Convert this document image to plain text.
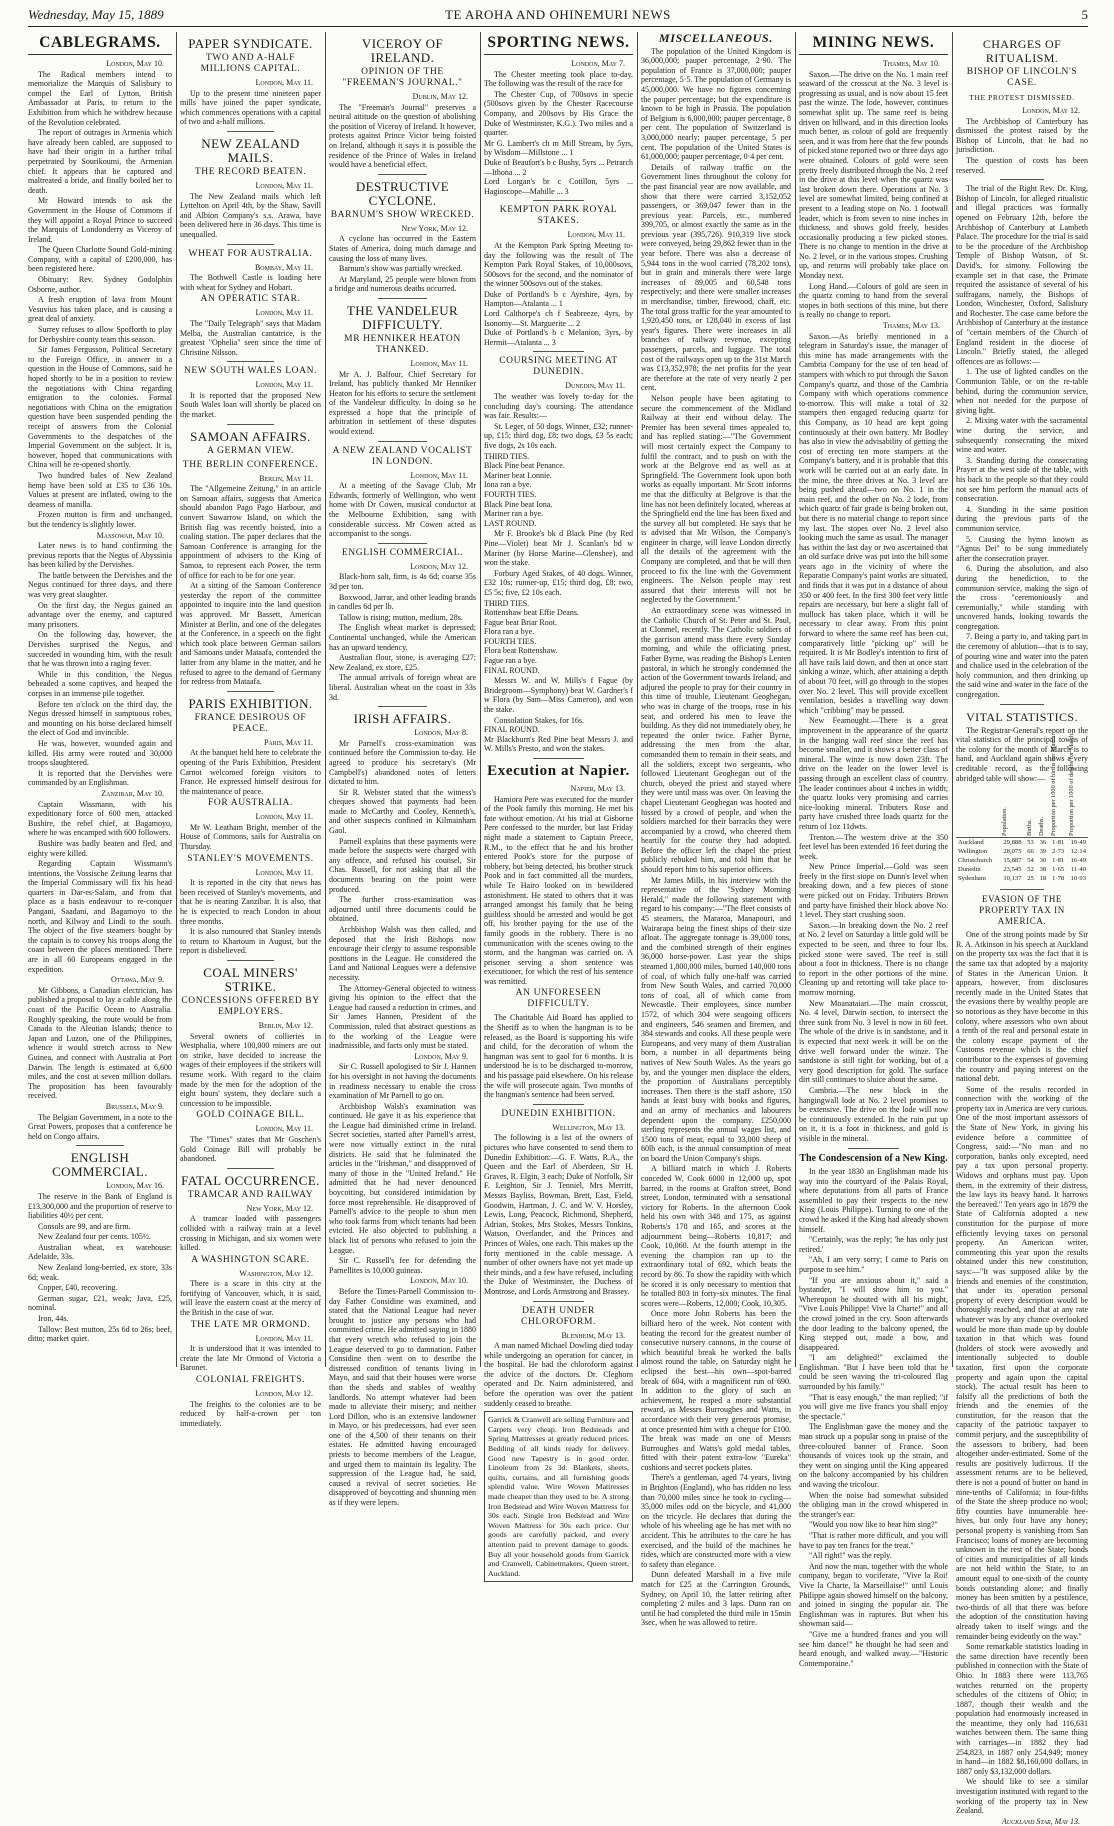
Wednesday, May 15, 1889	TE AROHA AND OHINEMURI NEWS	5
CABLEGRAMS.
London, May 10.

The Radical members intend to memorialize the Marquis of Salisbury to compel the Earl of Lytton, British Ambassador at Paris, to return to the Exhibition from which he withdrew because of the Revolution celebrated.

The report of outrages in Armenia which have already been cabled, are supposed to have had their origin in a further tribal perpetrated by Sourikoumi, the Armenian chief. It appears that he captured and maltreated a bride, and finally boiled her to death.

Mr Howard intends to ask the Government in the House of Commons if they will appoint a Royal Prince to succeed the Marquis of Londonderry as Viceroy of Ireland.

The Queen Charlotte Sound Gold-mining Company, with a capital of £200,000, has been registered here.

Obituary: Rev. Sydney Godolphin Osborne, author.

A fresh eruption of lava from Mount Vesuvius has taken place, and is causing a great deal of anxiety.

Surrey refuses to allow Spofforth to play for Derbyshire county team this season.

Sir James Fergusson, Political Secretary to the Foreign Office, in answer to a question in the House of Commons, said he hoped shortly to be in a position to review the negotiations with China regarding emigration to the colonies. Formal negotiations with China on the emigration question have been suspended pending the receipt of answers from the Colonial Governments to the despatches of the Imperial Government on the subject. It is, however, hoped that communications with China will be re-opened shortly.

Two hundred bales of New Zealand hemp have been sold at £35 to £36 10s. Values at present are inflated, owing to the dearness of manilla.

Frozen mutton is firm and unchanged, but the tendency is slightly lower.

Massowah, May 10.

Later news is to hand confirming the previous reports that the Negus of Abyssinia has been killed by the Dervishes.

The battle between the Dervishes and the Negus continued for three days, and there was very great slaughter.

On the first day, the Negus gained an advantage over the enemy, and captured many prisoners.

On the following day, however, the Dervishes surprised the Negus, and succeeded in wounding him, with the result that he was thrown into a raging fever.

While in this condition, the Negus beheaded a some captives, and heaped the corpses in an immense pile together.

Before ten o'clock on the third day, the Negus dressed himself in sumptuous robes, and mounting on his horse declared himself the elect of God and invincible.

He was, however, wounded again and killed. His army were routed and 30,000 troops slaughtered.

It is reported that the Dervishes were commanded by an Englishman.

Zanzibar, May 10.

Captain Wissmann, with his expeditionary force of 600 men, attacked Bushire, the rebel chief, at Bagamoyo, where he was encamped with 600 followers.

Bushire was badly beaten and fled, and eighty were killed.

Regarding Captain Wissmann's intentions, the Vossische Zeitung learns that the Imperial Commissary will fix his head quarters in Dar-es-Salam, and from that place as a basis endeavour to re-conquer Pangani, Saadani, and Bagamoyo to the north, and Kilway and Lindi to the south. The object of the five steamers bought by the captain is to convey his troops along the coast between the places mentioned. There are in all 60 Europeans engaged in the expedition.

Ottawa, May 9.

Mr Gibbons, a Canadian electrician, has published a proposal to lay a cable along the coast of the Pacific Ocean to Australia. Roughly speaking, the route would be from Canada to the Aleutian Islands; thence to Japan and Luzon, one of the Philippines, whence it would stretch across to New Guinea, and connect with Australia at Port Darwin. The length is estimated at 6,600 miles, and the cost at seven million dollars. The proposition has been favourably received.

Brussels, May 9.

The Belgian Government, in a note to the Great Powers, proposes that a conference be held on Congo affairs.

ENGLISH COMMERCIAL.
London, May 16.

The reserve in the Bank of England is £13,300,000 and the proportion of reserve to liabilities 40½ per cent.

Consols are 99, and are firm.

New Zealand four per cents. 105½.

Australian wheat, ex warehouse: Adelaide, 33s.

New Zealand long-berried, ex store, 33s 6d; weak.

Copper, £40, recovering.

German sugar, £21, weak; Java, £25, nominal.

Iron, 44s.

Tallow: Best mutton, 25s 6d to 26s; beef, ditto; market quiet.

PAPER SYNDICATE.
TWO AND A-HALF MILLIONS CAPITAL.
London, May 11.

Up to the present time nineteen paper mills have joined the paper syndicate, which commences operations with a capital of two and a-half millions.

NEW ZEALAND MAILS.
THE RECORD BEATEN.
London, May 11.

The New Zealand mails which left Lyttelton on April 4th, by the Shaw, Savill and Albion Company's s.s. Arawa, have been delivered here in 36 days. This time is unequalled.

WHEAT FOR AUSTRALIA.
Bombay, May 11.

The Bothwell Castle is loading here with wheat for Sydney and Hobart.

AN OPERATIC STAR.
London, May 11.

The "Daily Telegraph" says that Madam Melba, the Australian cantatrice, is the greatest "Ophelia" seen since the time of Christine Nilsson.

NEW SOUTH WALES LOAN.
London, May 11.

It is reported that the proposed New South Wales loan will shortly be placed on the market.

SAMOAN AFFAIRS.
A GERMAN VIEW.
THE BERLIN CONFERENCE.
Berlin, May 11.

The "Allgemeine Zeitung," in an article on Samoan affairs, suggests that America should abandon Pago Pago Harbour, and convert Suwarrow Island, on which the British flag was recently hoisted, into a coaling station. The paper declares that the Samoan Conference is arranging for the appointment of advisers to the King of Samoa, to represent each Power, the term of office for each to be for one year.

At a sitting of the Samoan Conference yesterday the report of the committee appointed to inquire into the land question was approved. Mr Bassett, American Minister at Berlin, and one of the delegates at the Conference, in a speech on the fight which took place between German sailors and Samoans under Mataafa, contended the latter from any blame in the matter, and he refused to agree to the demand of Germany for redress from Mataafa.

PARIS EXHIBITION.
FRANCE DESIROUS OF PEACE.
Paris, May 11.

At the banquet held here to celebrate the opening of the Paris Exhibition, President Carnot welcomed foreign visitors to France. He expressed himself desirous for the maintenance of peace.

FOR AUSTRALIA.
London, May 11.

Mr W. Leatham Bright, member of the House of Commons, sails for Australia on Thursday.

STANLEY'S MOVEMENTS.
London, May 11.

It is reported in the city that news has been received of Stanley's movements, and that he is nearing Zanzibar. It is also, that he is expected to reach London in about three months.

It is also rumoured that Stanley intends to return to Khartoum in August, but the report is disbelieved.

COAL MINERS' STRIKE.
CONCESSIONS OFFERED BY EMPLOYERS.
Berlin, May 12.

Several owners of collieries in Westphalia, where 100,000 miners are out on strike, have decided to increase the wages of their employees if the strikers will resume work. With regard to the claim made by the men for the adoption of the eight hours' system, they declare such a concession to be impossible.

GOLD COINAGE BILL.
London, May 11.

The "Times" states that Mr Goschen's Gold Coinage Bill will probably be abandoned.

FATAL OCCURRENCE.
TRAMCAR AND RAILWAY
New York, May 12.

A tramcar loaded with passengers collided with a railway train at a level crossing in Michigan, and six women were killed.

A WASHINGTON SCARE.
Washington, May 12.

There is a scare in this city at the fortifying of Vancouver, which, it is said, will leave the eastern coast at the mercy of the British in the case of war.

THE LATE MR ORMOND.
London, May 11.

It is understood that it was intended to create the late Mr Ormond of Victoria a Baronet.

COLONIAL FREIGHTS.
London, May 12.

The freights to the colonies are to be reduced by half-a-crown per ton immediately.

VICEROY OF IRELAND.
OPINION OF THE "FREEMAN'S JOURNAL."
Dublin, May 12.

The "Freeman's Journal" preserves a neutral attitude on the question of abolishing the position of Viceroy of Ireland. It however, protests against Prince Victor being foisted on Ireland, although it says it is possible the residence of the Prince of Wales in Ireland would have a beneficial effect.

DESTRUCTIVE CYCLONE.
BARNUM'S SHOW WRECKED.
New York, May 12.

A cyclone has occurred in the Eastern States of America, doing much damage and causing the loss of many lives.

Barnum's show was partially wrecked.

At Maryland, 25 people were blown from a bridge and numerous deaths occurred.

THE VANDELEUR DIFFICULTY.
MR HENNIKER HEATON THANKED.
London, May 11.

Mr A. J. Balfour, Chief Secretary for Ireland, has publicly thanked Mr Henniker Heaton for his efforts to secure the settlement of the Vandeleur difficulty. In doing so he expressed a hope that the principle of arbitration in settlement of these disputes would extend.

A NEW ZEALAND VOCALIST IN LONDON.
London, May 11.

At a meeting of the Savage Club, Mr Edwards, formerly of Wellington, who went home with Dr Cowen, musical conductor at the Melbourne Exhibition, sang with considerable success. Mr Cowen acted as accompanist to the songs.

ENGLISH COMMERCIAL.
London, May 12.

Black-horn salt, firm, is 4s 6d; coarse 35s 3d per ton.

Boxwood, Jarrar, and other leading brands in candles 6d per lb.

Tallow is rising; mutton, medium, 28s.

The English wheat market is depressed; Continental unchanged, while the American has an upward tendency.

Australian flour, stone, is averaging £27; New Zealand, ex store, £25.

The annual arrivals of foreign wheat are liberal. Australian wheat on the coast in 33s 3d.

IRISH AFFAIRS.
London, May 8.

Mr Parnell's cross-examination was continued before the Commission to-day. He agreed to produce his secretary's (Mr Campbell's) abandoned notes of letters dictated to him.

Sir R. Webster stated that the witness's cheques showed that payments had been made to McCarthy and Cooley, Kenneth's, and other suspects confined in Kilmainham Gaol.

Parnell explains that these payments were made before the suspects were charged with any offence, and refused his counsel, Sir Chas. Russell, for not asking that all the documents bearing on the point were produced.

The further cross-examination was adjourned until three documents could be obtained.

Archbishop Walsh was then called, and deposed that the Irish Bishops now encourage their clergy to assume responsible positions in the League. He considered the Land and National Leagues were a defensive necessity.

The Attorney-General objected to witness giving his opinion to the effect that the League had caused a reduction in crimes, and Sir James Hannen, President of the Commission, ruled that abstract questions as to the working of the League were inadmissible, and facts only must be stated.

London, May 9.

Sir C. Russell apologised to Sir J. Hannen for his oversight in not having the documents in readiness necessary to enable the cross examination of Mr Parnell to go on.

Archbishop Walsh's examination was continued. He gave it as his experience that the League had diminished crime in Ireland. Secret societies, started after Parnell's arrest, were now virtually extinct in the rural districts. He said that he fulminated the articles in the "Irishman," and disapproved of many of those in the "United Ireland." He admitted that he had never denounced boycotting, but considered intimidation by force most reprehensible. He disapproved of Parnell's advice to the people to shun men who took farms from which tenants had been evicted. He also objected to publishing a black list of persons who refused to join the League.

Sir C. Russell's fee for defending the Parnellites is 10,000 guineas.

London, May 10.

Before the Times-Parnell Commission to-day Father Considine was examined, and stated that the National League had never brought to justice any persons who had committed crime. He admitted saying in 1880 that every wretch who refused to join the League deserved to go to damnation. Father Considine then went on to describe the distressed condition of tenants living in Mayo, and said that their houses were worse than the sheds and stables of wealthy landlords. No attempt whatever had been made to alleviate their misery; and neither Lord Dillon, who is an extensive landowner in Mayo, or his predecessors, had ever seen one of the 4,500 of their tenants on their estates. He admitted having encouraged priests to become members of the League, and urged them to maintain its legality. The suppression of the League had, he said, caused a revival of secret societies. He disapproved of boycotting and shunning men as if they were lepers.

SPORTING NEWS.
London, May 7.

The Chester meeting took place to-day. The following was the result of the race for

The Chester Cup, of 700sovs in specie (500sovs given by the Chester Racecourse Company, and 200sovs by His Grace the Duke of Westminster, K.G.). Two miles and a quarter.

Mr G. Lambert's ch m Mill Stream, by 5yrs, by Wisdom—Millstone ... 1
Duke of Beaufort's b c Bushy, 5yrs ... Petrarch—Ithona ... 2
Lord Lorgan's br c Cotillon, 5yrs ... Hagioscope—Mabille ... 3

KEMPTON PARK ROYAL STAKES.
London, May 11.

At the Kempton Park Spring Meeting to-day the following was the result of The Kempton Park Royal Stakes, of 10,000sovs, 500sovs for the second, and the nominator of the winner 500sovs out of the stakes.

Duke of Portland's b c Ayrshire, 4yrs, by Hampton—Atalanta ... 1
Lord Calthorpe's ch f Seabreeze, 4yrs, by Isonomy—St. Marguerite ... 2
Duke of Portland's b c Melanion, 3yrs, by Hermit—Atalanta ... 3

COURSING MEETING AT DUNEDIN.
Dunedin, May 11.

The weather was lovely to-day for the concluding day's coursing. The attendance was fair. Results:—

St. Leger, of 50 dogs. Winner, £32; runner-up, £15; third dog, £8; two dogs, £3 5s each; five dogs, 2s 10s each.

THIRD TIES.
Black Pine beat Penance.
Mariner beat Lonnie.
Iona ran a bye.
FOURTH TIES.
Black Pine beat Iona.
Mariner ran a bye.
LAST ROUND.

Mr F. Brooke's bk d Black Pine (by Red Pine—Violet) beat Mr J. Scanlan's bd w Mariner (by Horse Marine—Glenshee), and won the stake.

Forbury Aged Stakes, of 40 dogs. Winner, £32 10s; runner-up, £15; third dog, £8; two, £5 5s; five, £2 10s each.

THIRD TIES.
Rottenshaw beat Effie Deans.
Fague beat Briar Root.
Flora ran a bye.
FOURTH TIES.
Flora beat Rottenshaw.
Fague ran a bye.
FINAL ROUND.

Messrs W. and W. Mills's f Fague (by Bridegroom—Symphony) beat W. Gardner's f w Flora (by Sam—Miss Cameron), and won the stake.

Consolation Stakes, for 16s.
FINAL ROUND.
Mr Blackburn's Red Pine beat Messrs J. and W. Mills's Presto, and won the stakes.

Execution at Napier.
Napier, May 13.

Hamiora Pere was executed for the murder of the Pook family this morning. He met his fate without emotion. At his trial at Gisborne Pere confessed to the murder, but last Friday night made a statement to Captain Preece, R.M., to the effect that he and his brother entered Pook's store for the purpose of robbery, but being detected, his brother struck Pook and in fact committed all the murders, while Te Hairo looked on in bewildered astonishment. He stated to others that it was arranged amongst his family that he being guiltless should be arrested and would be got off, his brother paying for the use of the family goods in the robbery. There is no communication with the scenes owing to the storm, and the hangman was carried on. A prisoner serving a short sentence was executioner, for which the rest of his sentence was remitted.

AN UNFORESEEN DIFFICULTY.

The Charitable Aid Board has applied to the Sheriff as to when the hangman is to be released, as the Board is supporting his wife and child, for the decoration of whom the hangman was sent to gaol for 6 months. It is understood he is to be discharged to-morrow, and his passage paid elsewhere. On his release the wife will prosecute again. Two months of the hangman's sentence had been served.

DUNEDIN EXHIBITION.
Wellington, May 13.

The following is a list of the owners of pictures who have consented to send them to Dunedin Exhibition:—G. F. Watts, R.A., the Queen and the Earl of Aberdeen, Sir H. Graves, R. Elgin, 3 each; Duke of Norfolk, Sir F. Leighton, Sir J. Tenniel, Mrs Merritt, Messrs Bayliss, Bowman, Brett, East, Field, Goodwin, Hartman, J. C. and W. V. Horsley, Lewis, Long, Peacock, Richmond, Shepherd, Adrian, Stokes, Mrs Stokes, Messrs Tonkins, Watson, Overlander, and the Princes and Princes of Wales, one each. This makes up the forty mentioned in the cable message. A number of other owners have not yet made up their minds, and a few have refused, including the Duke of Westminster, the Duchess of Montrose, and Lords Armstrong and Brassey.

DEATH UNDER CHLOROFORM.
Blenheim, May 13.

A man named Michael Dowling died today while undergoing an operation for cancer, in the hospital. He had the chloroform against the advice of the doctors. Dr. Cleghorn operated and Dr. Nairn administered, and before the operation was over the patient suddenly ceased to breathe.

Garrick & Cranwell are selling Furniture and Carpets very cheap. Iron Bedsteads and Spring Mattresses at greatly reduced prices. Bedding of all kinds ready for delivery. Good new Tapestry is in good order. Linoleum from 2s 3d. Blankets, sheets, quilts, curtains, and all furnishing goods splendid value. Wire Woven Mattresses made cheaper than they used to be. A strong Iron Bedstead and Wire Woven Mattress for 30s each. Single Iron Bedstead and Wire Woven Mattress for 30s each price. Our goods are carefully packed, and every attention paid to prevent damage to goods. Buy all your household goods from Garrick and Cranwell, Cabinetmakers, Queen street, Auckland.
MISCELLANEOUS.

The population of the United Kingdom is 36,000,000; pauper percentage, 2·90. The population of France is 37,000,000; pauper percentage, 5·5. The population of Germany is 45,000,000. We have no figures concerning the pauper percentage; but the expenditure is known to be high in Prussia. The population of Belgium is 6,000,000; pauper percentage, 8 per cent. The population of Switzerland is 3,000,000 nearly; pauper percentage, 5 per cent. The population of the United States is 61,000,000; pauper percentage, 0·4 per cent.

Details of railway traffic on the Government lines throughout the colony for the past financial year are now available, and show that there were carried 3,152,052 passengers, or 369,047 fewer than in the previous year. Parcels, etc., numbered 399,705, or almost exactly the same as in the previous year (395,726). 910,319 live stock were conveyed, being 29,862 fewer than in the year before. There was also a decrease of 5,944 tons in the wool carried (78,202 tons), but in grain and minerals there were large increases of 89,005 and 60,548 tons respectively; and there were smaller increases in merchandise, timber, firewood, chaff, etc. The total gross traffic for the year amounted to 1,920,450 tons, or 128,040 in excess of last year's figures. There were increases in all branches of railway revenue, excepting passengers, parcels, and luggage. The total cost of the railways open up to the 31st March was £13,352,978; the net profits for the year are therefore at the rate of very nearly 2 per cent.

Nelson people have been agitating to secure the commencement of the Midland Railway at their end without delay. The Premier has been several times appealed to, and has replied stating:—"The Government will most certainly expect the Company to fulfil the contract, and to push on with the work at the Belgrove end as well as at Springfield. The Government look upon both works as equally important. Mr Scott informs me that the difficulty at Belgrove is that the line has not been definitely located, whereas at the Springfield end the line has been fixed and the survey all but completed. He says that he is advised that Mr Wilson, the Company's engineer in charge, will leave London directly all the details of the agreement with the Company are completed, and that he will then proceed to fix the line with the Government engineers. The Nelson people may rest assured that their interests will not be neglected by the Government."

An extraordinary scene was witnessed in the Catholic Church of St. Peter and St. Paul, at Clonmel, recently. The Catholic soldiers of the garrison attend mass there every Sunday morning, and while the officiating priest, Father Byrne, was reading the Bishop's Lenten pastoral, in which he strongly condemned the action of the Government towards Ireland, and adjured the people to pray for their country in this time of trouble, Lieutenant Geoghegan, who was in charge of the troops, rose in his seat, and ordered his men to leave the building. As they did not immediately obey, he repeated the order twice. Father Byrne, addressing the men from the altar, commanded them to remain in their seats, and all the soldiers, except two sergeants, who followed Lieutenant Geoghegan out of the church, obeyed the priest and stayed where they were until mass was over. On leaving the chapel Lieutenant Geoghegan was hooted and hissed by a crowd of people, and when the soldiers marched for their barracks they were accompanied by a crowd, who cheered them heartily for the course they had adopted. Before the officer left the chapel the priest publicly rebuked him, and told him that he should report him to his superior officers.

Mr James Mills, in his interview with the representative of the "Sydney Morning Herald," made the following statement with regard to his company:—"The fleet consists of 45 steamers, the Mararoa, Manapouri, and Wairarapa being the finest ships of their size afloat. The aggregate tonnage is 39,000 tons, and the combined strength of their engines 36,000 horse-power. Last year the ships steamed 1,800,000 miles, burned 140,000 tons of coal, of which fully one-half was carried from New South Wales, and carried 70,000 tons of coal, all of which came from Newcastle. Their employees, since number 1572, of which 304 were seagoing officers and engineers, 546 seamen and firemen, and 384 stewards and cooks. All these people were Europeans, and very many of them Australian born, a number in all departments being natives of New South Wales. As the years go by, and the younger men displace the elders, the proportion of Australians perceptibly increases. Then there is the staff ashore, 150 hands at least busy with books and figures, and an army of mechanics and labourers dependent upon the company. £250,000 sterling represents the annual wages list, and 1500 tons of meat, equal to 33,000 sheep of 60lb each, is the annual consumption of meat on board the Union Company's ships.

A billiard match in which J. Roberts conceded W. Cook 6000 in 12,000 up, spot barred, in the rooms at Grafton street, Bond street, London, terminated with a sensational victory for Roberts. In the afternoon Cook held his own with 348 and 175, as against Roberts's 178 and 165, and scores at the adjournment being—Roberts 10,817; and Cook, 10,060. At the fourth attempt in the evening the champion ran up to the extraordinary total of 692, which beats the record by 86. To show the rapidity with which he scored it is only necessary to mention that he totalled 803 in forty-six minutes. The final scores were—Roberts, 12,000; Cook, 10,305.

Once more John Roberts has been the billiard hero of the week. Not content with beating the record for the greatest number of consecutive nursery cannons, in the course of which beautiful break he worked the balls almost round the table, on Saturday night he eclipsed the best—his own—spot-barred break of 604, with a magnificent run of 690. In addition to the glory of such an achievement, he reaped a more substantial reward, as Messrs Burroughes and Watts, in accordance with their very generous promise, at once presented him with a cheque for £100. The break was made on one of Messrs Burroughes and Watts's gold medal tables, fitted with their patent extra-low "Eureka" cushions and secret pockets plates.

There's a gentleman, aged 74 years, living in Brighton (England), who has ridden no less than 70,000 miles since he took to cycling—35,000 miles odd on the bicycle, and 41,000 on the tricycle. He declares that during the whole of his wheeling age he has met with no accident. This he attributes to the care he has exercised, and the build of the machines he rides, which are constructed more with a view to safety than elegance.

Dunn defeated Marshall in a five mile match for £25 at the Carrington Grounds, Sydney, on April 10, the latter retiring after completing 2 miles and 3 laps. Dunn ran on until he had completed the third mile in 15min 3sec, when he was allowed to retire.

MINING NEWS.
Thames, May 10.

Saxon.—The drive on the No. 1 main reef seaward of the crosscut at the No. 3 level is progressing as usual, and is now about 15 feet past the winze. The lode, however, continues somewhat split up. The same reef is being driven on hillward, and in this direction looks much better, as colour of gold are frequently seen, and it was from here that the few pounds of picked stone reported two or three days ago were obtained. Colours of gold were seen pretty freely distributed through the No. 2 reef in the drive at this level when the quartz was last broken down there. Operations at No. 3 level are somewhat limited, being confined at present to a leading stope on No. 1 footwall leader, which is from seven to nine inches in thickness, and shows gold freely, besides occasionally producing a few picked stones. There is no change to mention in the drive at No. 2 level, or in the various stopes. Crushing up, and returns will probably take place on Monday next.

Long Hand.—Colours of gold are seen in the quartz coming to hand from the several stopes in both sections of this mine, but there is really no change to report.

Thames, May 13.

Saxon.—As briefly mentioned in a telegram in Saturday's issue, the manager of this mine has made arrangements with the Cambria Company for the use of ten head of stampers with which to put through the Saxon Company's quartz, and those of the Cambria Company with which operations commence to-morrow. This will make a total of 32 stampers then engaged reducing quartz for this Company, as 10 head are kept going continuously at their own battery. Mr Bodley has also in view the advisability of getting the cost of erecting ten more stampers at the Company's battery, and it is probable that this work will be carried out at an early date. In the mine, the three drives at No. 3 level are being pushed ahead—two on No. 1 in the main reef, and the other on No. 2 lode, from which quartz of fair grade is being broken out, but there is no material change to report since my last. The stopes over No. 2 level also looking much the same as usual. The manager has within the last day or two ascertained that an old surface drive was put into the hill some years ago in the vicinity of where the Reparatie Company's paint works are situated, and finds that it was put in a distance of about 350 or 400 feet. In the first 300 feet very little repairs are necessary, but here a slight fall of mullock has taken place, which it will be necessary to clear away. From this point forward to where the same reef has been cut, comparatively little "picking up" will be required. It is Mr Bodley's intention to first of all have rails laid down, and then at once start sinking a winze, which, after attaining a depth of about 70 feet, will go through to the stopes over No. 2 level. This will provide excellent ventilation, besides a travelling way down which "cribbing" may be passed.

New Fearnought.—There is a great improvement in the appearance of the quartz in the hanging wall reef since the reef has become smaller, and it shows a better class of mineral. The winze is now down 23ft. The drive on the leader on the lower level is passing through an excellent class of country. The leader continues about 4 inches in width; the quartz looks very promising and carries nice-looking mineral. Tributers Rose and party have crushed three loads quartz for the return of 1oz 11dwts.

Trenton.—The western drive at the 350 feet level has been extended 16 feet during the week.

New Prince Imperial.—Gold was seen freely in the first stope on Dunn's level when breaking down, and a few pieces of stone were picked out on Friday. Tributers Brown and party have finished their block above No. 1 level. They start crushing soon.

Saxon.—In breaking down the No. 2 reef at No. 2 level on Saturday a little gold will be expected to be seen, and three to four lbs. picked stone were saved. The reef is still about a foot in thickness. There is no change to report in the other portions of the mine. Cleaning up and retorting will take place to-morrow morning.

New Moanataiari.—The main crosscut, No. 4 level, Darwin section, to intersect the three sunk from No. 3 level is now in 60 feet. The whole of the drive is in sandstone, and it is expected that next week it will be on the drive well forward under the winze. The sandstone is still tight for working, but of a very good description for gold. The surface dirt still continues to sluice about the same.

Cambria.—The new block in the hangingwall lode at No. 2 level promises to be extensive. The drive on the lode will now be continuously extended. In the ruin put up on it, it is a foot in thickness, and gold is visible in the mineral.

The Condescension of a New King.

In the year 1830 an Englishman made his way into the courtyard of the Palais Royal, where deputations from all parts of France assembled to pay their respects to the new King (Louis Philippe). Turning to one of the crowd he asked if the King had already shown himself.

"Certainly, was the reply; 'he has only just retired.'

"Ah, I am very sorry; I came to Paris on purpose to see him."

"If you are anxious about it," said a bystander, "I will show him to you." Whereupon he shouted with all his might, "Vive Louis Philippe! Vive la Charte!" and all the crowd joined in the cry. Soon afterwards the door leading to the balcony opened, the King stepped out, made a bow, and disappeared.

"I am delighted!" exclaimed the Englishman. "But I have been told that he could be seen waving the tri-coloured flag surrounded by his family."

"That is easy enough," the man replied; "if you will give me five francs you shall enjoy the spectacle."

The Englishman gave the money and the man struck up a popular song in praise of the three-coloured banner of France. Soon thousands of voices took up the strain, and they went on singing until the King appeared on the balcony accompanied by his children and waving the tricolour.

When the noise had somewhat subsided the obliging man in the crowd whispered in the stranger's ear:

"Would you now like to hear him sing?"

"That is rather more difficult, and you will have to pay ten francs for the treat."

"All right!" was the reply.

And now the man, together with the whole company, began to vociferate, "Vive la Roi! Vive la Charte, la Marseillaise!" until Louis Philippe again showed himself on the balcony, and joined in singing the popular air. The Englishman was in raptures. But when his showman said—

"Give me a hundred francs and you will see him dance!" he thought he had seen and heard enough, and walked away.—"Historic Contemporaine."

CHARGES OF RITUALISM.
BISHOP OF LINCOLN'S CASE.
THE PROTEST DISMISSED.
London, May 12.

The Archbishop of Canterbury has dismissed the protest raised by the Bishop of Lincoln, that he had no jurisdiction.

The question of costs has been reserved.

The trial of the Right Rev. Dr. King, Bishop of Lincoln, for alleged ritualistic and illegal practices was formally opened on February 12th, before the Archbishop of Canterbury at Lambeth Palace. The procedure for the trial is said to be the procedure of the Archbishop Temple of Bishop Watson, of St. David's, for simony. Following the example set in that case, the Primate required the assistance of several of his suffragans, namely, the Bishops of London, Winchester, Oxford, Salisbury and Rochester. The case came before the Archbishop of Canterbury at the instance of "certain members of the Church of England resident in the diocese of Lincoln." Briefly stated, the alleged offences are as follows:—

1. The use of lighted candles on the Communion Table, or on the re-table behind, during the communion service, when not needed for the purpose of giving light.

2. Mixing water with the sacramental wine during the service, and subsequently consecrating the mixed wine and water.

3. Standing during the consecrating Prayer at the west side of the table, with his back to the people so that they could not see him perform the manual acts of consecration.

4. Standing in the same position during the previous parts of the communion service.

5. Causing the hymn known as "Agnus Dei" to be sung immediately after the consecration prayer.

6. During the absolution, and also during the benediction, to the communion service, making the sign of the cross "ceremoniously and ceremonially," while standing with uncovered hands, looking towards the congregation.

7. Being a party to, and taking part in the ceremony of ablution—that is to say, of pouring wine and water into the paten and chalice used in the celebration of the holy communion, and then drinking up the said wine and water in the face of the congregation.

VITAL STATISTICS.

The Registrar-General's report on the vital statistics of the principal towns of the colony for the month of March is to hand, and Auckland again shows a very creditable record, as the following abridged table will show:—

	Population.	Births.	Deaths.	Proportion per 1000 of births for March.	Proportion per 1000 of deaths for March.
Auckland	29,888	53	36	1·81	19·49
Wellington	28,075	66	39	2·73	12·14
Christchurch	15,887	54	30	1·81	16·49
Dunedin	23,545	52	38	1·65	11·40
Sydenham	10,137	25	18	1·78	10·93
EVASION OF THE PROPERTY TAX IN AMERICA.

One of the strong points made by Sir R. A. Atkinson in his speech at Auckland on the property tax was the fact that it is the same tax that adopted by a majority of States in the American Union. It appears, however, from disclosures recently made in the United States that the evasions there by wealthy people are so notorious as they have become in this colony, where assessors who own about a tenth of the real and personal estate in the colony escape payment of the Customs revenue which is the chief contributor to the expenses of governing the country and paying interest on the national debt.

Some of the results recorded in connection with the working of the property tax in America are very curious. One of the most important assessors of the State of New York, in giving his evidence before a committee of Congress, said:—"No man and no corporation, banks only excepted, need pay a tax upon personal property. Widows and orphans must pay. Upon them, in the extremity of their distress, the law lays its heavy hand. It harrows the bereaved." Ten years ago in 1879 the State of California adopted a new constitution for the purpose of more efficiently levying taxes on personal property. An American writer, commenting this year upon the results obtained under this new constitution, says:—"It was supposed alike by the friends and enemies of the constitution, that under its operation personal property of every description would be thoroughly reached, and that at any rate whatever was by any chance overlooked would be more than made up by double taxation in that which was found (holders of stock were avowedly and intentionally subjected to double taxation, first upon the corporate property and again upon the capital stock). The actual result has been to falsify all the predictions of both the friends and the enemies of the constitution, for the reason that the capacity of the patriotic taxpayer to commit perjury, and the susceptibility of the assessors to bribery, had been altogether under-estimated. Some of the results are positively ludicrous. If the assessment returns are to be believed, there is not a pound of butter on hand in nine-tenths of California; in four-fifths of the State the sheep produce no wool; fifty counties have innumerable hee-hives, but only four have any honey; personal property is vanishing from San Francisco; loans of money are becoming unknown in the rest of the State; bonds of cities and municipalities of all kinds are not held within the State, to an amount equal to one-sixth of the county bonds outstanding alone; and finally money has been smitten by a pestilence, two-thirds of all that there was before the adoption of the constitution having already taken to itself wings and the remainder being evidently on the way."

Some remarkable statistics loading in the same direction have recently been published in connection with the State of Ohio. In 1883 there were 113,765 watches returned on the property schedules of the citizens of Ohio; in 1887, though their wealth and the population had enormously increased in the meantime, they only had 116,631 watches between them. The same thing with carriages—in 1882 they had 254,823, in 1887 only 254,949; money in hand—in 1882 $8,160,000 dollars, in 1887 only $3,132,000 dollars.

We should like to see a similar investigation instituted with regard to the working of the property tax in New Zealand.

Auckland Star, May 13.
